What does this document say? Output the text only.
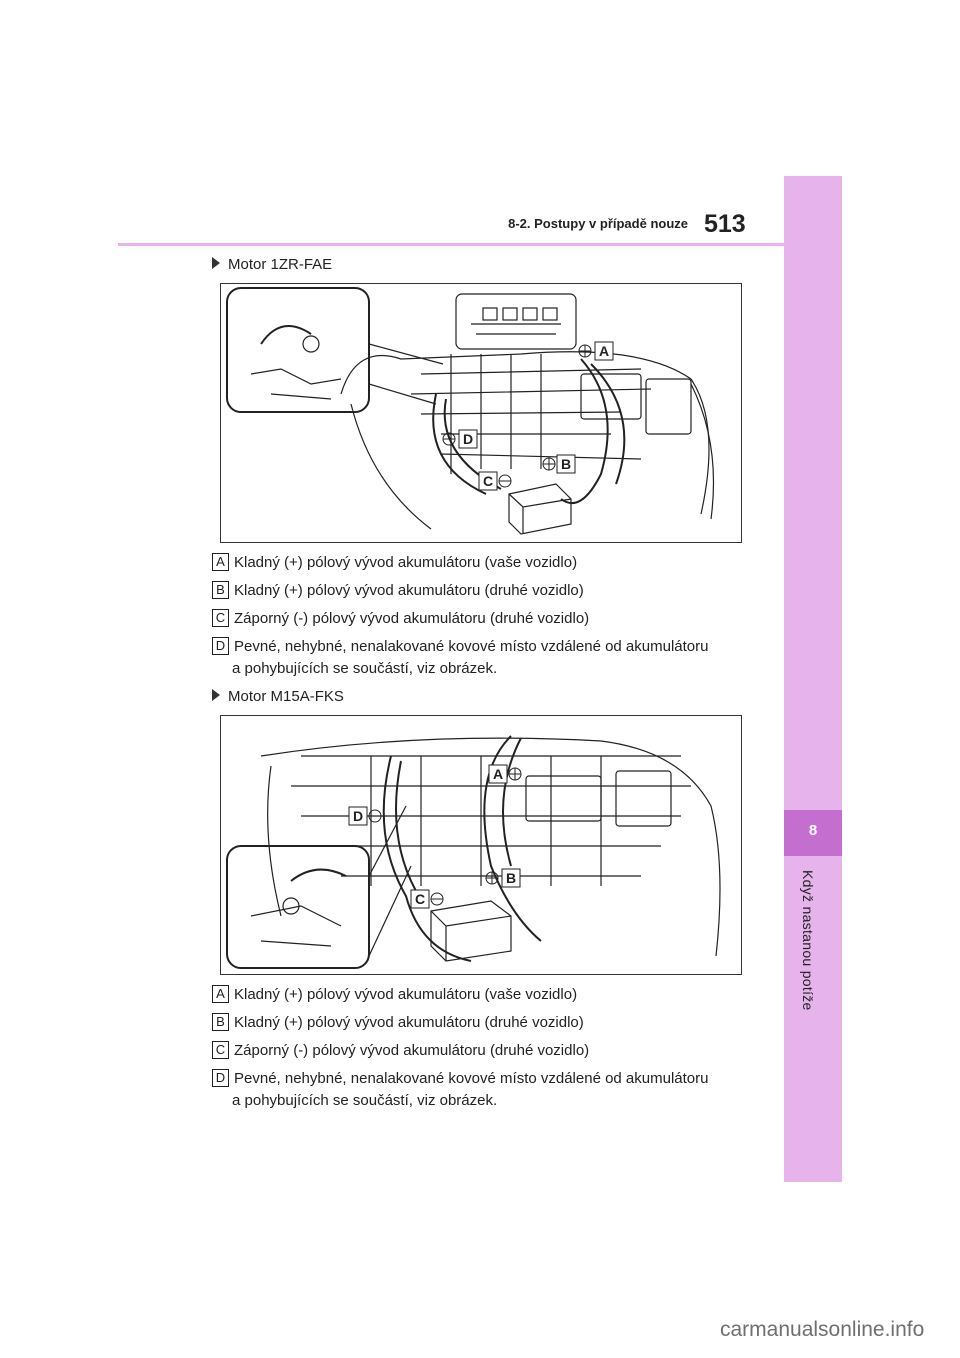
8
Když nastanou potíže
8-2. Postupy v případě nouze 513
Motor 1ZR-FAE
A
B
C
D
A Kladný (+) pólový vývod akumulátoru (vaše vozidlo)
B Kladný (+) pólový vývod akumulátoru (druhé vozidlo)
C Záporný (-) pólový vývod akumulátoru (druhé vozidlo)
D Pevné, nehybné, nenalakované kovové místo vzdálené od akumulátoru
a pohybujících se součástí, viz obrázek.
Motor M15A-FKS
A
B
C
D
A Kladný (+) pólový vývod akumulátoru (vaše vozidlo)
B Kladný (+) pólový vývod akumulátoru (druhé vozidlo)
C Záporný (-) pólový vývod akumulátoru (druhé vozidlo)
D Pevné, nehybné, nenalakované kovové místo vzdálené od akumulátoru
a pohybujících se součástí, viz obrázek.
carmanualsonline.info
